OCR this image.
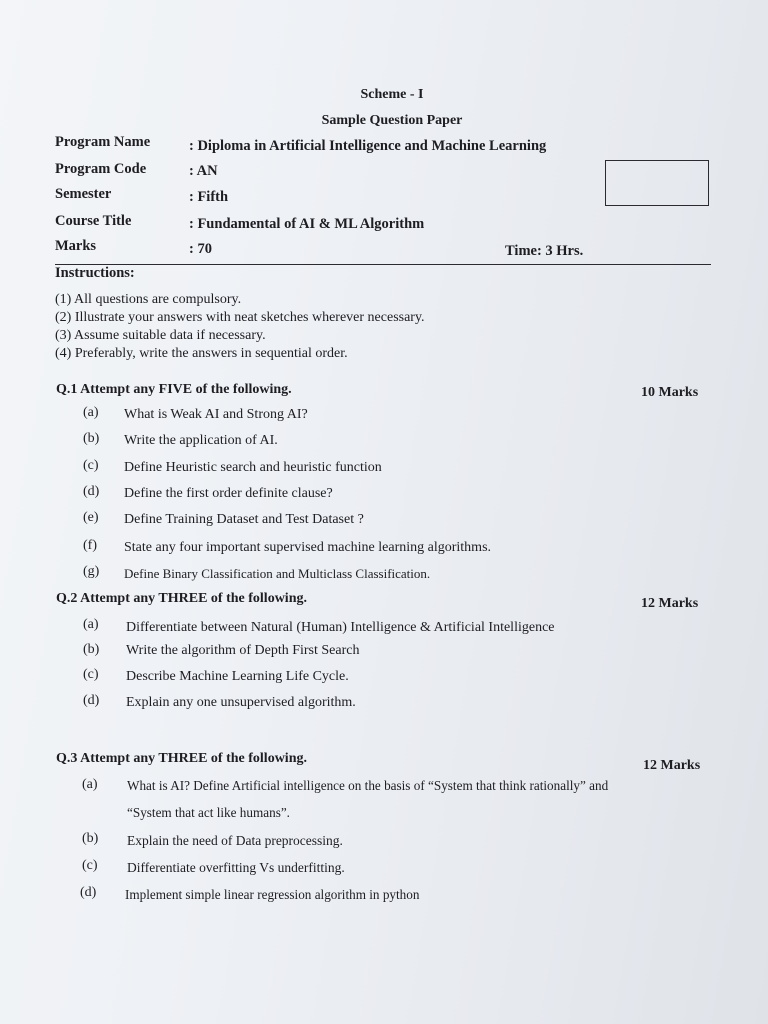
Scheme - I
Sample Question Paper
Program Name	: Diploma in Artificial Intelligence and Machine Learning
Program Code	: AN
Semester	: Fifth
Course Title	: Fundamental of AI & ML Algorithm
Marks	: 70	Time: 3 Hrs.
Instructions:
(1) All questions are compulsory.
(2) Illustrate your answers with neat sketches wherever necessary.
(3) Assume suitable data if necessary.
(4) Preferably, write the answers in sequential order.
Q.1 Attempt any FIVE of the following.	10 Marks
(a) What is Weak AI and Strong AI?
(b) Write the application of AI.
(c) Define Heuristic search and heuristic function
(d) Define the first order definite clause?
(e) Define Training Dataset and Test Dataset ?
(f) State any four important supervised machine learning algorithms.
(g) Define Binary Classification and Multiclass Classification.
Q.2 Attempt any THREE of the following.	12 Marks
(a) Differentiate between Natural (Human) Intelligence & Artificial Intelligence
(b) Write the algorithm of Depth First Search
(c) Describe Machine Learning Life Cycle.
(d) Explain any one unsupervised algorithm.
Q.3 Attempt any THREE of the following.	12 Marks
(a) What is AI? Define Artificial intelligence on the basis of “System that think rationally” and
“System that act like humans”.
(b) Explain the need of Data preprocessing.
(c) Differentiate overfitting Vs underfitting.
(d) Implement simple linear regression algorithm in python
